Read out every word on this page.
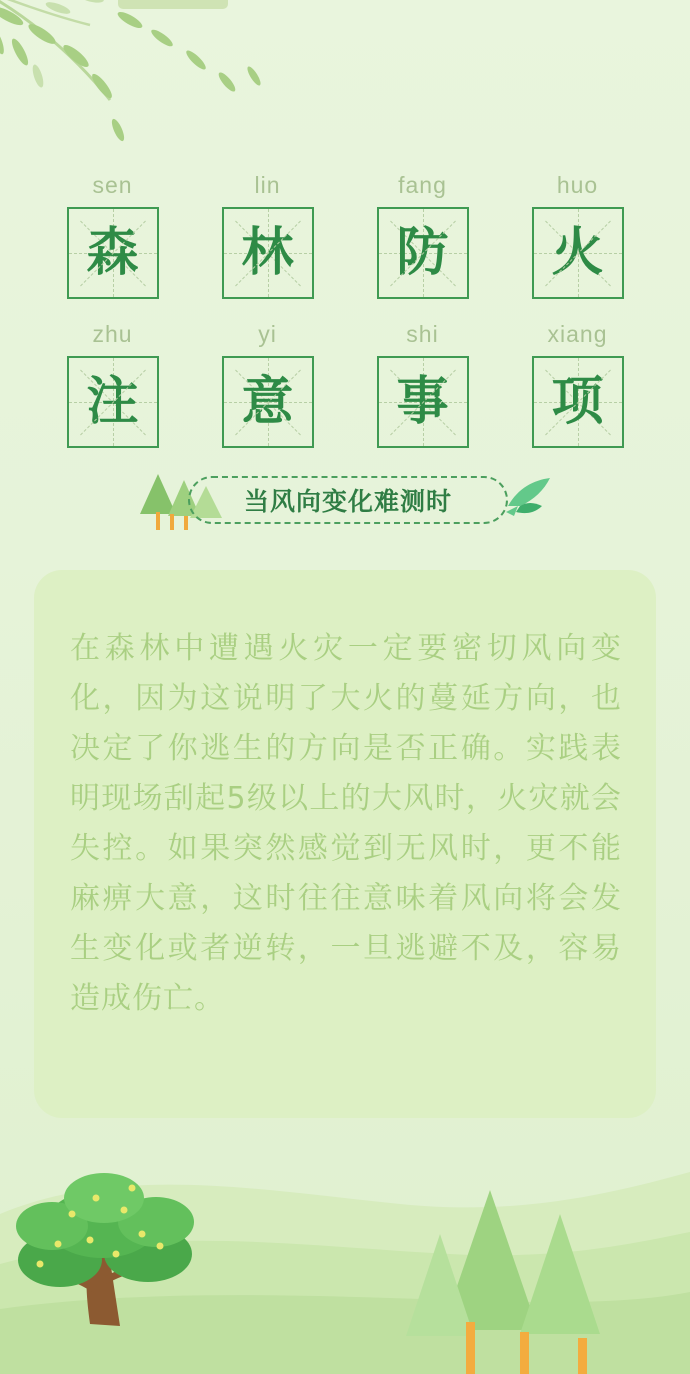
sen
森
lin
林
fang
防
huo
火
zhu
注
yi
意
shi
事
xiang
项
当风向变化难测时
在森林中遭遇火灾一定要密切风向变化，因为这说明了大火的蔓延方向，也决定了你逃生的方向是否正确。实践表明现场刮起5级以上的大风时，火灾就会失控。如果突然感觉到无风时，更不能麻痹大意，这时往往意味着风向将会发生变化或者逆转，一旦逃避不及，容易造成伤亡。
